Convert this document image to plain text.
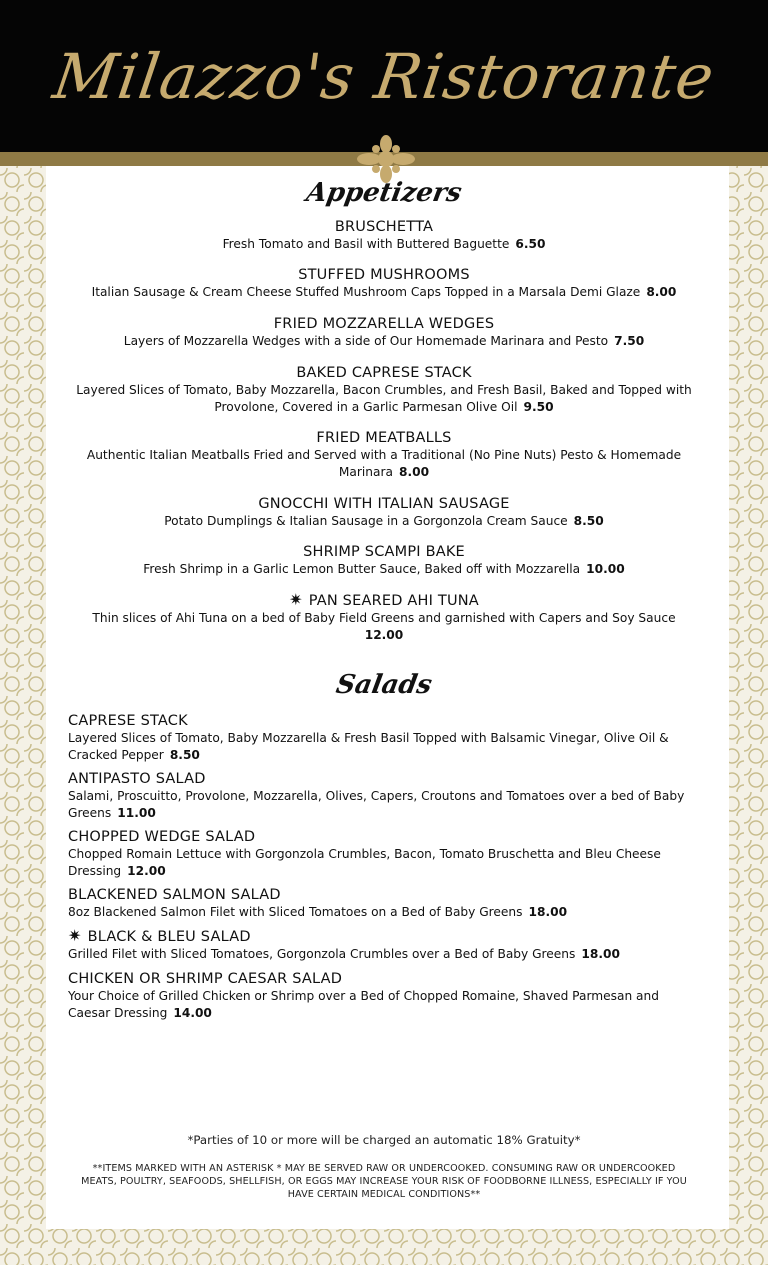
Milazzo's Ristorante
Appetizers
BRUSCHETTA
Fresh Tomato and Basil with Buttered Baguette 6.50
STUFFED MUSHROOMS
Italian Sausage & Cream Cheese Stuffed Mushroom Caps Topped in a Marsala Demi Glaze 8.00
FRIED MOZZARELLA WEDGES
Layers of Mozzarella Wedges with a side of Our Homemade Marinara and Pesto 7.50
BAKED CAPRESE STACK
Layered Slices of Tomato, Baby Mozzarella, Bacon Crumbles, and Fresh Basil, Baked and Topped with Provolone, Covered in a Garlic Parmesan Olive Oil 9.50
FRIED MEATBALLS
Authentic Italian Meatballs Fried and Served with a Traditional (No Pine Nuts) Pesto & Homemade Marinara 8.00
GNOCCHI WITH ITALIAN SAUSAGE
Potato Dumplings & Italian Sausage in a Gorgonzola Cream Sauce 8.50
SHRIMP SCAMPI BAKE
Fresh Shrimp in a Garlic Lemon Butter Sauce, Baked off with Mozzarella 10.00
✷ PAN SEARED AHI TUNA
Thin slices of Ahi Tuna on a bed of Baby Field Greens and garnished with Capers and Soy Sauce
12.00
Salads
CAPRESE STACK
Layered Slices of Tomato, Baby Mozzarella & Fresh Basil Topped with Balsamic Vinegar, Olive Oil & Cracked Pepper 8.50
ANTIPASTO SALAD
Salami, Proscuitto, Provolone, Mozzarella, Olives, Capers, Croutons and Tomatoes over a bed of Baby Greens 11.00
CHOPPED WEDGE SALAD
Chopped Romain Lettuce with Gorgonzola Crumbles, Bacon, Tomato Bruschetta and Bleu Cheese Dressing 12.00
BLACKENED SALMON SALAD
8oz Blackened Salmon Filet with Sliced Tomatoes on a Bed of Baby Greens 18.00
✷ BLACK & BLEU SALAD
Grilled Filet with Sliced Tomatoes, Gorgonzola Crumbles over a Bed of Baby Greens 18.00
CHICKEN OR SHRIMP CAESAR SALAD
Your Choice of Grilled Chicken or Shrimp over a Bed of Chopped Romaine, Shaved Parmesan and Caesar Dressing 14.00
*Parties of 10 or more will be charged an automatic 18% Gratuity*
**ITEMS MARKED WITH AN ASTERISK * MAY BE SERVED RAW OR UNDERCOOKED. CONSUMING RAW OR UNDERCOOKED MEATS, POULTRY, SEAFOODS, SHELLFISH, OR EGGS MAY INCREASE YOUR RISK OF FOODBORNE ILLNESS, ESPECIALLY IF YOU HAVE CERTAIN MEDICAL CONDITIONS**
